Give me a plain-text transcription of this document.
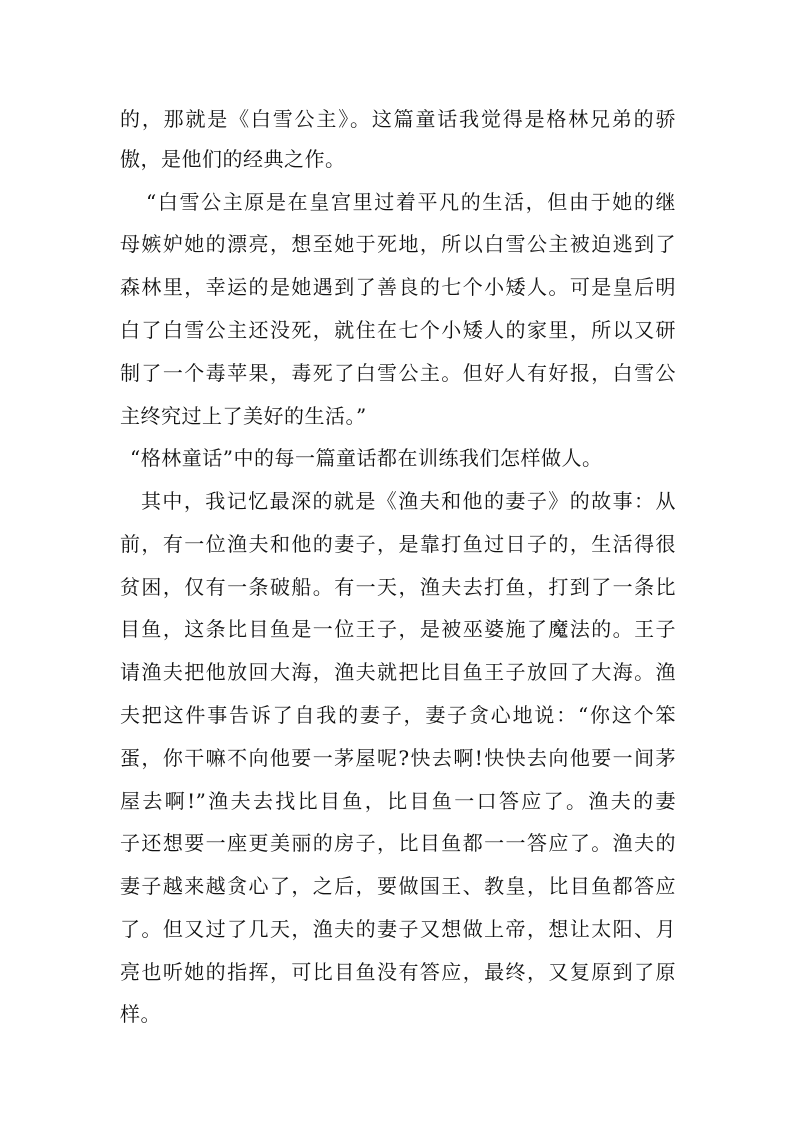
的，那就是《白雪公主》。这篇童话我觉得是格林兄弟的骄
傲，是他们的经典之作。
“白雪公主原是在皇宫里过着平凡的生活，但由于她的继
母嫉妒她的漂亮，想至她于死地，所以白雪公主被迫逃到了
森林里，幸运的是她遇到了善良的七个小矮人。可是皇后明
白了白雪公主还没死，就住在七个小矮人的家里，所以又研
制了一个毒苹果，毒死了白雪公主。但好人有好报，白雪公
主终究过上了美好的生活。”
“格林童话”中的每一篇童话都在训练我们怎样做人。
其中，我记忆最深的就是《渔夫和他的妻子》的故事：从
前，有一位渔夫和他的妻子，是靠打鱼过日子的，生活得很
贫困，仅有一条破船。有一天，渔夫去打鱼，打到了一条比
目鱼，这条比目鱼是一位王子，是被巫婆施了魔法的。王子
请渔夫把他放回大海，渔夫就把比目鱼王子放回了大海。渔
夫把这件事告诉了自我的妻子，妻子贪心地说：“你这个笨
蛋，你干嘛不向他要一茅屋呢?快去啊!快快去向他要一间茅
屋去啊!”渔夫去找比目鱼，比目鱼一口答应了。渔夫的妻
子还想要一座更美丽的房子，比目鱼都一一答应了。渔夫的
妻子越来越贪心了，之后，要做国王、教皇，比目鱼都答应
了。但又过了几天，渔夫的妻子又想做上帝，想让太阳、月
亮也听她的指挥，可比目鱼没有答应，最终，又复原到了原
样。
